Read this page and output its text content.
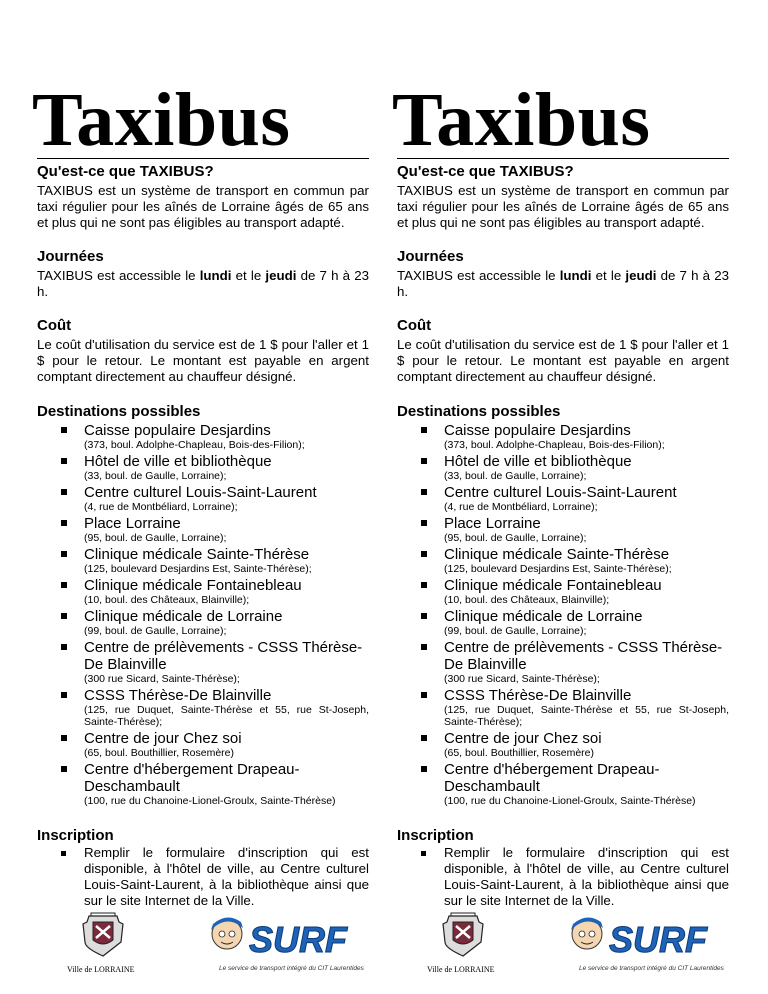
Taxibus
Qu'est-ce que TAXIBUS?

TAXIBUS est un système de transport en commun par taxi régulier pour les aînés de Lorraine âgés de 65 ans et plus qui ne sont pas éligibles au transport adapté.

Journées

TAXIBUS est accessible le lundi et le jeudi de 7 h à 23 h.

Coût

Le coût d'utilisation du service est de 1 $ pour l'aller et 1 $ pour le retour. Le montant est payable en argent comptant directement au chauffeur désigné.

Destinations possibles
Caisse populaire Desjardins
(373, boul. Adolphe-Chapleau, Bois-des-Filion);
Hôtel de ville et bibliothèque
(33, boul. de Gaulle, Lorraine);
Centre culturel Louis-Saint-Laurent
(4, rue de Montbéliard, Lorraine);
Place Lorraine
(95, boul. de Gaulle, Lorraine);
Clinique médicale Sainte-Thérèse
(125, boulevard Desjardins Est, Sainte-Thérèse);
Clinique médicale Fontainebleau
(10, boul. des Châteaux, Blainville);
Clinique médicale de Lorraine
(99, boul. de Gaulle, Lorraine);
Centre de prélèvements - CSSS Thérèse-De Blainville
(300 rue Sicard, Sainte-Thérèse);
CSSS Thérèse-De Blainville
(125, rue Duquet, Sainte-Thérèse et 55, rue St-Joseph, Sainte-Thérèse);
Centre de jour Chez soi
(65, boul. Bouthillier, Rosemère)
Centre d'hébergement Drapeau-Deschambault
(100, rue du Chanoine-Lionel-Groulx, Sainte-Thérèse)
Inscription

Remplir le formulaire d'inscription qui est disponible, à l'hôtel de ville, au Centre culturel Louis-Saint-Laurent, à la bibliothèque ainsi que sur le site Internet de la Ville.

Taxibus
Qu'est-ce que TAXIBUS?

TAXIBUS est un système de transport en commun par taxi régulier pour les aînés de Lorraine âgés de 65 ans et plus qui ne sont pas éligibles au transport adapté.

Journées

TAXIBUS est accessible le lundi et le jeudi de 7 h à 23 h.

Coût

Le coût d'utilisation du service est de 1 $ pour l'aller et 1 $ pour le retour. Le montant est payable en argent comptant directement au chauffeur désigné.

Destinations possibles
Caisse populaire Desjardins
(373, boul. Adolphe-Chapleau, Bois-des-Filion);
Hôtel de ville et bibliothèque
(33, boul. de Gaulle, Lorraine);
Centre culturel Louis-Saint-Laurent
(4, rue de Montbéliard, Lorraine);
Place Lorraine
(95, boul. de Gaulle, Lorraine);
Clinique médicale Sainte-Thérèse
(125, boulevard Desjardins Est, Sainte-Thérèse);
Clinique médicale Fontainebleau
(10, boul. des Châteaux, Blainville);
Clinique médicale de Lorraine
(99, boul. de Gaulle, Lorraine);
Centre de prélèvements - CSSS Thérèse-De Blainville
(300 rue Sicard, Sainte-Thérèse);
CSSS Thérèse-De Blainville
(125, rue Duquet, Sainte-Thérèse et 55, rue St-Joseph, Sainte-Thérèse);
Centre de jour Chez soi
(65, boul. Bouthillier, Rosemère)
Centre d'hébergement Drapeau-Deschambault
(100, rue du Chanoine-Lionel-Groulx, Sainte-Thérèse)
Inscription

Remplir le formulaire d'inscription qui est disponible, à l'hôtel de ville, au Centre culturel Louis-Saint-Laurent, à la bibliothèque ainsi que sur le site Internet de la Ville.

Ville de LORRAINE
SURF
Le service de transport intégré du CIT Laurentides	Ville de LORRAINE
SURF
Le service de transport intégré du CIT Laurentides
